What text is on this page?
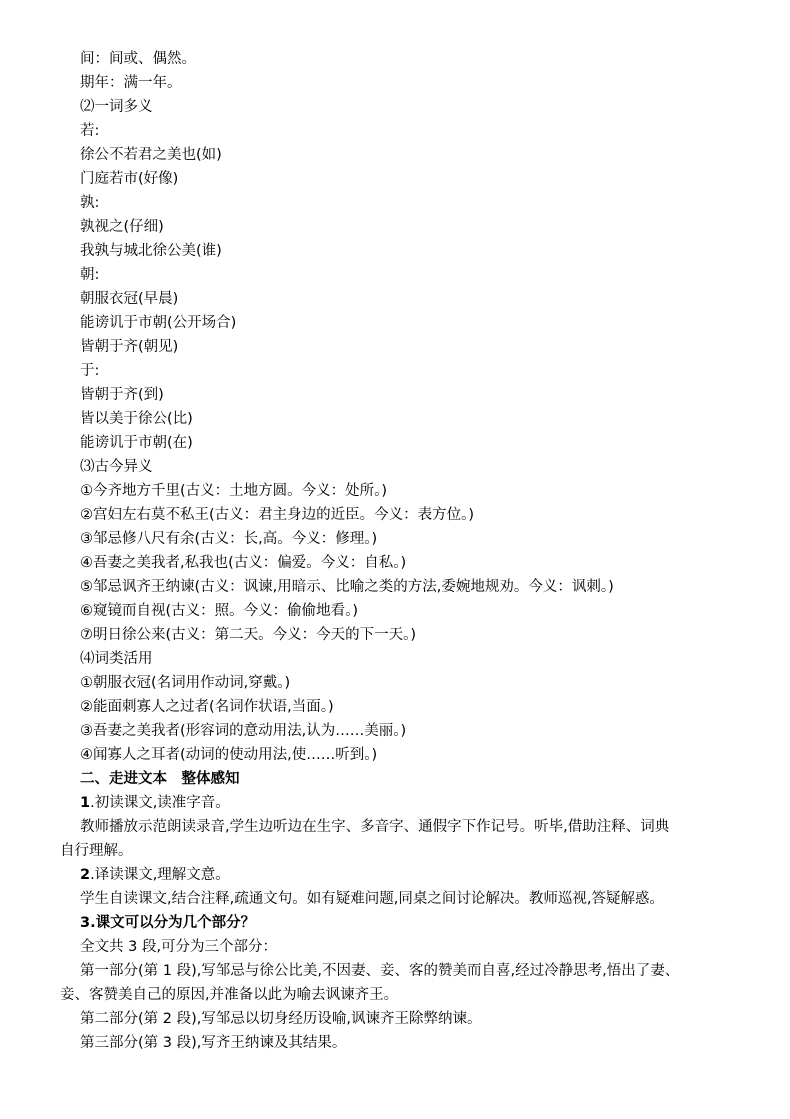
间：间或、偶然。
期年：满一年。
⑵一词多义
若:
徐公不若君之美也(如)
门庭若市(好像)
孰:
孰视之(仔细)
我孰与城北徐公美(谁)
朝:
朝服衣冠(早晨)
能谤讥于市朝(公开场合)
皆朝于齐(朝见)
于:
皆朝于齐(到)
皆以美于徐公(比)
能谤讥于市朝(在)
⑶古今异义
①今齐地方千里(古义：土地方圆。今义：处所。)
②宫妇左右莫不私王(古义：君主身边的近臣。今义：表方位。)
③邹忌修八尺有余(古义：长,高。今义：修理。)
④吾妻之美我者,私我也(古义：偏爱。今义：自私。)
⑤邹忌讽齐王纳谏(古义：讽谏,用暗示、比喻之类的方法,委婉地规劝。今义：讽刺。)
⑥窥镜而自视(古义：照。今义：偷偷地看。)
⑦明日徐公来(古义：第二天。今义：今天的下一天。)
⑷词类活用
①朝服衣冠(名词用作动词,穿戴。)
②能面刺寡人之过者(名词作状语,当面。)
③吾妻之美我者(形容词的意动用法,认为……美丽。)
④闻寡人之耳者(动词的使动用法,使……听到。)
二、走进文本　整体感知
1.初读课文,读准字音。
教师播放示范朗读录音,学生边听边在生字、多音字、通假字下作记号。听毕,借助注释、词典
自行理解。
2.译读课文,理解文意。
学生自读课文,结合注释,疏通文句。如有疑难问题,同桌之间讨论解决。教师巡视,答疑解惑。
3.课文可以分为几个部分？
全文共 3 段,可分为三个部分：
第一部分(第 1 段),写邹忌与徐公比美,不因妻、妾、客的赞美而自喜,经过冷静思考,悟出了妻、
妾、客赞美自己的原因,并准备以此为喻去讽谏齐王。
第二部分(第 2 段),写邹忌以切身经历设喻,讽谏齐王除弊纳谏。
第三部分(第 3 段),写齐王纳谏及其结果。
